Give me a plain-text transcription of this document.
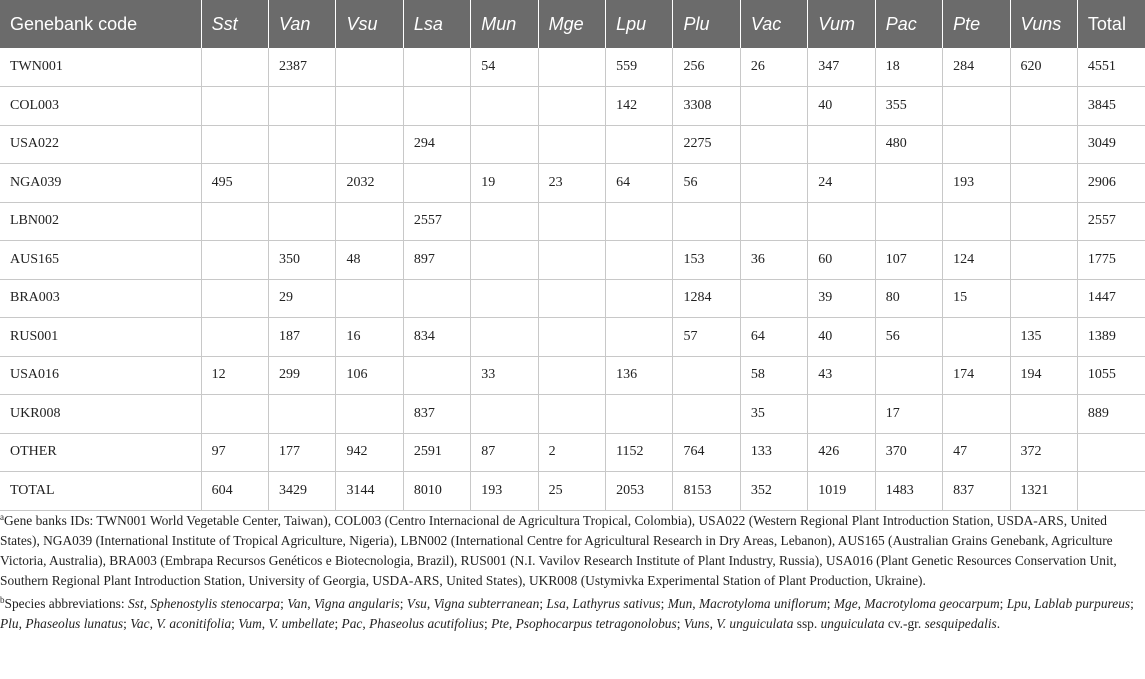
Genebank code	Sst	Van	Vsu	Lsa	Mun	Mge	Lpu	Plu	Vac	Vum	Pac	Pte	Vuns	Total
TWN001		2387			54		559	256	26	347	18	284	620	4551
COL003							142	3308		40	355			3845
USA022				294				2275			480			3049
NGA039	495		2032		19	23	64	56		24		193		2906
LBN002				2557										2557
AUS165		350	48	897				153	36	60	107	124		1775
BRA003		29						1284		39	80	15		1447
RUS001		187	16	834				57	64	40	56		135	1389
USA016	12	299	106		33		136		58	43		174	194	1055
UKR008				837					35		17			889
OTHER	97	177	942	2591	87	2	1152	764	133	426	370	47	372	
TOTAL	604	3429	3144	8010	193	25	2053	8153	352	1019	1483	837	1321	

$^a$Gene banks IDs: TWN001 World Vegetable Center, Taiwan), COL003 (Centro Internacional de Agricultura Tropical, Colombia), USA022 (Western Regional Plant Introduction Station, USDA-ARS, United States), NGA039 (International Institute of Tropical Agriculture, Nigeria), LBN002 (International Centre for Agricultural Research in Dry Areas, Lebanon), AUS165 (Australian Grains Genebank, Agriculture Victoria, Australia), BRA003 (Embrapa Recursos Genéticos e Biotecnologia, Brazil), RUS001 (N.I. Vavilov Research Institute of Plant Industry, Russia), USA016 (Plant Genetic Resources Conservation Unit, Southern Regional Plant Introduction Station, University of Georgia, USDA-ARS, United States), UKR008 (Ustymivka Experimental Station of Plant Production, Ukraine).

$^b$Species abbreviations: Sst, Sphenostylis stenocarpa; Van, Vigna angularis; Vsu, Vigna subterranean; Lsa, Lathyrus sativus; Mun, Macrotyloma uniflorum; Mge, Macrotyloma geocarpum; Lpu, Lablab purpureus; Plu, Phaseolus lunatus; Vac, V. aconitifolia; Vum, V. umbellate; Pac, Phaseolus acutifolius; Pte, Psophocarpus tetragonolobus; Vuns, V. unguiculata ssp. unguiculata cv.-gr. sesquipedalis.
